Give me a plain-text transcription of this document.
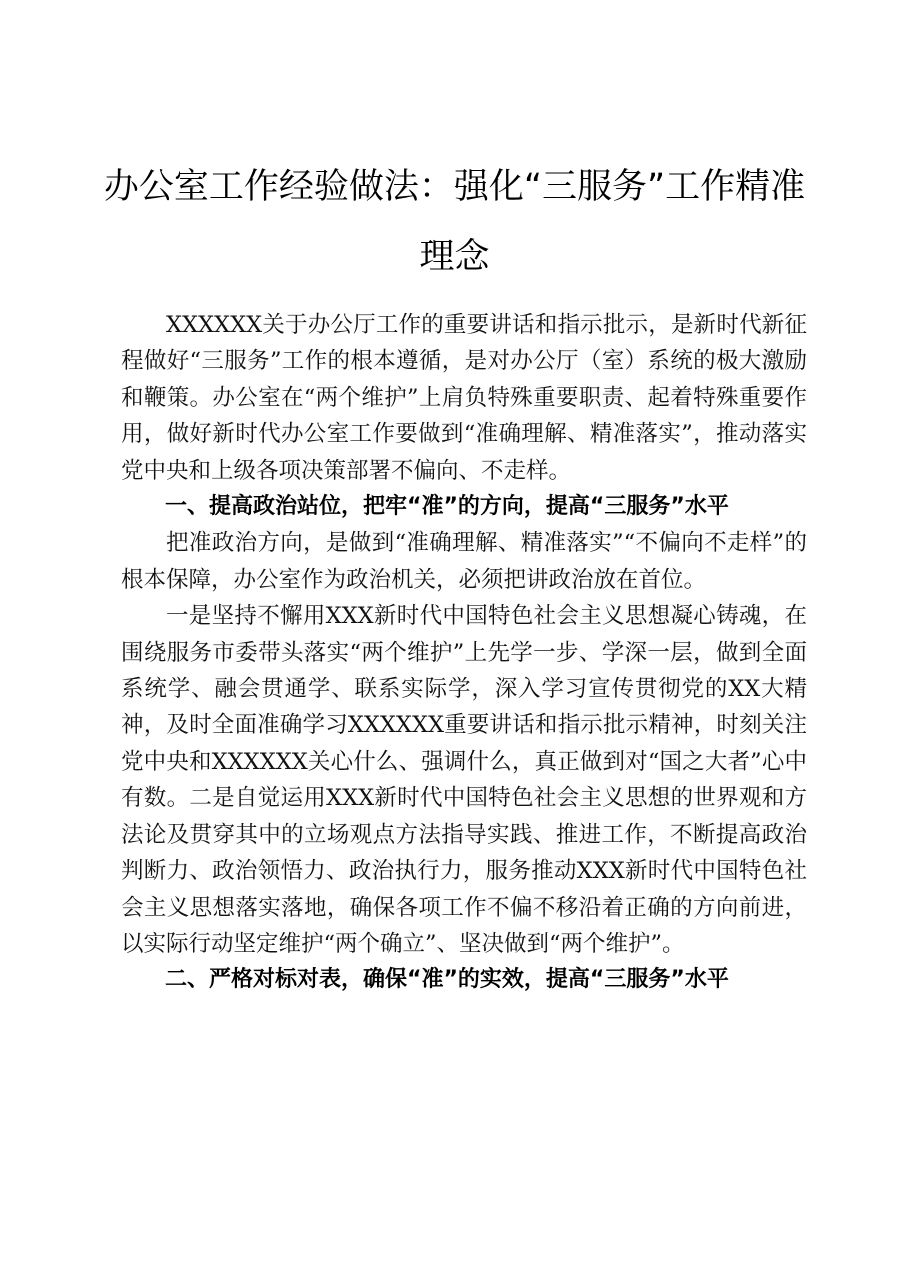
办公室工作经验做法：强化“三服务”工作精准理念

XXXXXX关于办公厅工作的重要讲话和指示批示，是新时代新征程做好“三服务”工作的根本遵循，是对办公厅（室）系统的极大激励和鞭策。办公室在“两个维护”上肩负特殊重要职责、起着特殊重要作用，做好新时代办公室工作要做到“准确理解、精准落实”，推动落实党中央和上级各项决策部署不偏向、不走样。

一、提高政治站位，把牢“准”的方向，提高“三服务”水平

把准政治方向，是做到“准确理解、精准落实”“不偏向不走样”的根本保障，办公室作为政治机关，必须把讲政治放在首位。

一是坚持不懈用XXX新时代中国特色社会主义思想凝心铸魂，在围绕服务市委带头落实“两个维护”上先学一步、学深一层，做到全面系统学、融会贯通学、联系实际学，深入学习宣传贯彻党的XX大精神，及时全面准确学习XXXXXX重要讲话和指示批示精神，时刻关注党中央和XXXXXX关心什么、强调什么，真正做到对“国之大者”心中有数。二是自觉运用XXX新时代中国特色社会主义思想的世界观和方法论及贯穿其中的立场观点方法指导实践、推进工作，不断提高政治判断力、政治领悟力、政治执行力，服务推动XXX新时代中国特色社会主义思想落实落地，确保各项工作不偏不移沿着正确的方向前进，以实际行动坚定维护“两个确立”、坚决做到“两个维护”。

二、严格对标对表，确保“准”的实效，提高“三服务”水平
